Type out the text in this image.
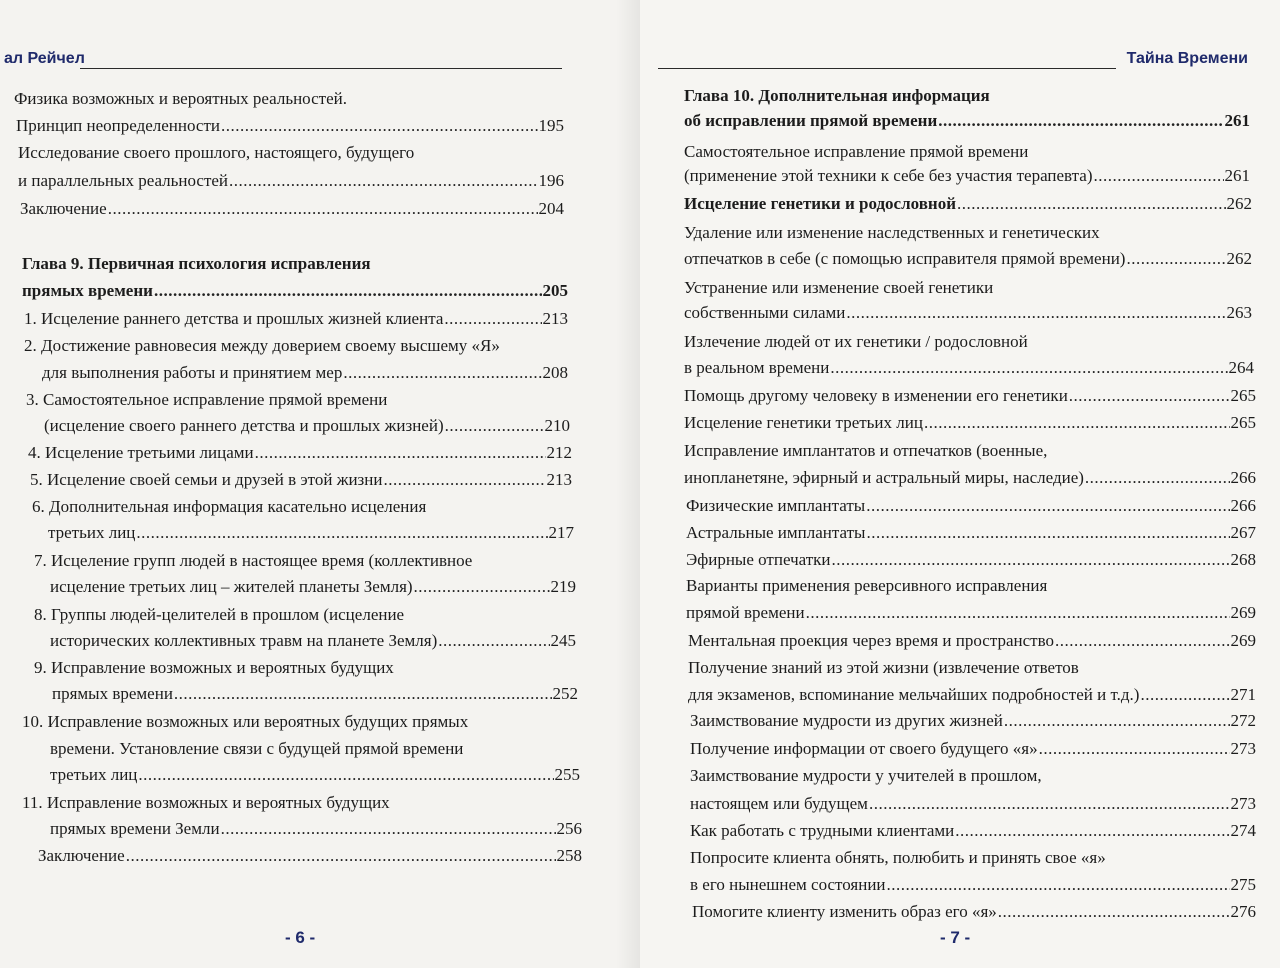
ал Рейчел
Физика возможных и вероятных реальностей.
Принцип неопределенности .....	195
Исследование своего прошлого, настоящего, будущего
и параллельных реальностей .....	196
Заключение .....	204
Глава 9. Первичная психология исправления
прямых времени .....	205
1. Исцеление раннего детства и прошлых жизней клиента .....	213
2. Достижение равновесия между доверием своему высшему «Я»
для выполнения работы и принятием мер .....	208
3. Самостоятельное исправление прямой времени
(исцеление своего раннего детства и прошлых жизней) .....	210
4. Исцеление третьими лицами .....	212
5. Исцеление своей семьи и друзей в этой жизни .....	213
6. Дополнительная информация касательно исцеления
третьих лиц .....	217
7. Исцеление групп людей в настоящее время (коллективное
исцеление третьих лиц – жителей планеты Земля) .....	219
8. Группы людей-целителей в прошлом (исцеление
исторических коллективных травм на планете Земля) .....	245
9. Исправление возможных и вероятных будущих
прямых времени .....	252
10. Исправление возможных или вероятных будущих прямых
времени. Установление связи с будущей прямой времени
третьих лиц .....	255
11. Исправление возможных и вероятных будущих
прямых времени Земли .....	256
Заключение .....	258
- 6 -
Тайна Времени
Глава 10. Дополнительная информация
об исправлении прямой времени .....	261
Самостоятельное исправление прямой времени
(применение этой техники к себе без участия терапевта) .....	261
Исцеление генетики и родословной .....	262
Удаление или изменение наследственных и генетических
отпечатков в себе (с помощью исправителя прямой времени) .....	262
Устранение или изменение своей генетики
собственными силами .....	263
Излечение людей от их генетики / родословной
в реальном времени .....	264
Помощь другому человеку в изменении его генетики .....	265
Исцеление генетики третьих лиц .....	265
Исправление имплантатов и отпечатков (военные,
инопланетяне, эфирный и астральный миры, наследие) .....	266
Физические имплантаты .....	266
Астральные имплантаты .....	267
Эфирные отпечатки .....	268
Варианты применения реверсивного исправления
прямой времени .....	269
Ментальная проекция через время и пространство .....	269
Получение знаний из этой жизни (извлечение ответов
для экзаменов, вспоминание мельчайших подробностей и т.д.) .....	271
Заимствование мудрости из других жизней .....	272
Получение информации от своего будущего «я» .....	273
Заимствование мудрости у учителей в прошлом,
настоящем или будущем .....	273
Как работать с трудными клиентами .....	274
Попросите клиента обнять, полюбить и принять свое «я»
в его нынешнем состоянии .....	275
Помогите клиенту изменить образ его «я» .....	276
- 7 -
